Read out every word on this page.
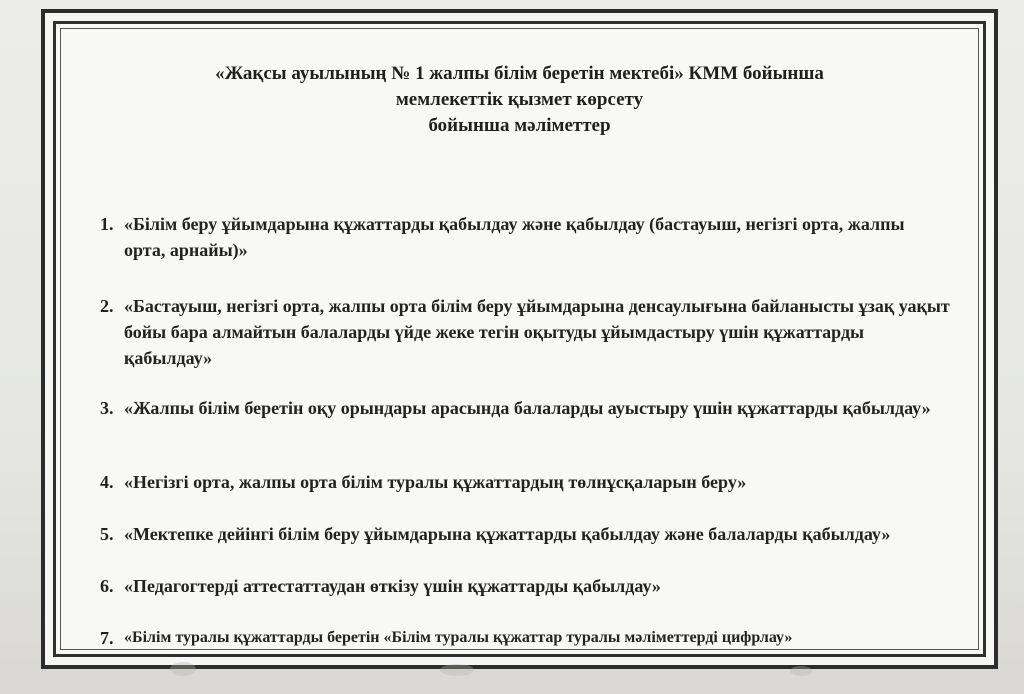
«Жақсы ауылының № 1 жалпы білім беретін мектебі» КММ бойынша
мемлекеттік қызмет көрсету
бойынша мәліметтер
1. «Білім беру ұйымдарына құжаттарды қабылдау және қабылдау (бастауыш, негізгі орта, жалпы орта, арнайы)»
2. «Бастауыш, негізгі орта, жалпы орта білім беру ұйымдарына денсаулығына байланысты ұзақ уақыт бойы бара алмайтын балаларды үйде жеке тегін оқытуды ұйымдастыру үшін құжаттарды қабылдау»
3. «Жалпы білім беретін оқу орындары арасында балаларды ауыстыру үшін құжаттарды қабылдау»
4. «Негізгі орта, жалпы орта білім туралы құжаттардың төлнұсқаларын беру»
5. «Мектепке дейінгі білім беру ұйымдарына құжаттарды қабылдау және балаларды қабылдау»
6. «Педагогтерді аттестаттаудан өткізу үшін құжаттарды қабылдау»
7. «Білім туралы құжаттарды беретін «Білім туралы құжаттар туралы мәліметтерді цифрлау»
